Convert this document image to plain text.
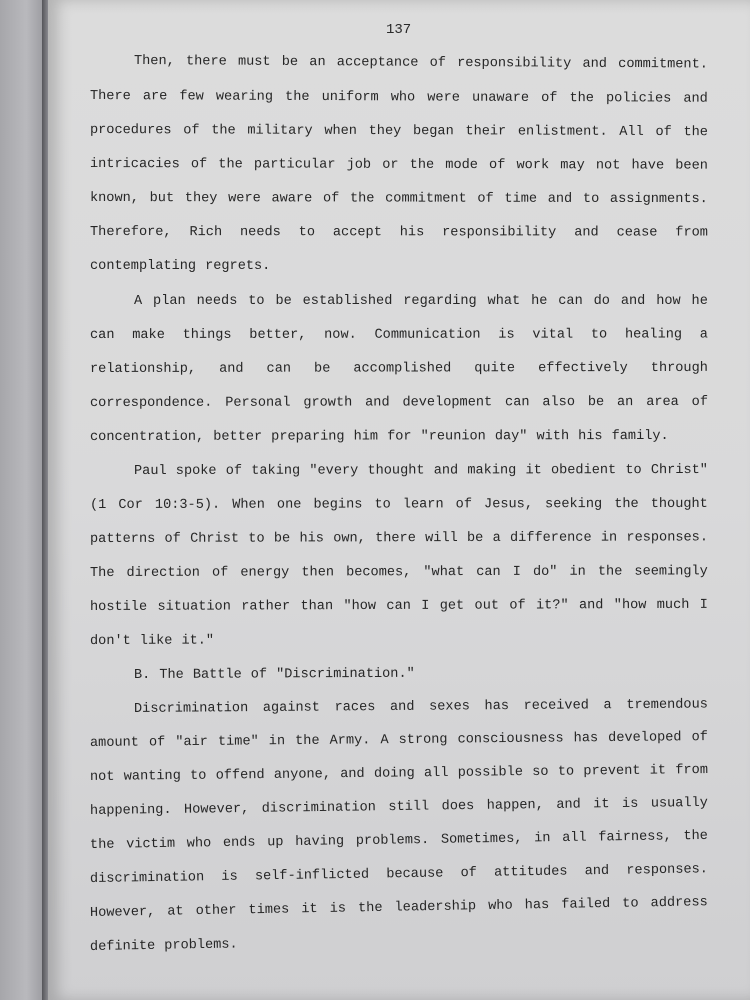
137
Then, there must be an acceptance of responsibility and commitment.
There are few wearing the uniform who were unaware of the policies and
procedures of the military when they began their enlistment. All of the
intricacies of the particular job or the mode of work may not have been
known, but they were aware of the commitment of time and to assignments.
Therefore, Rich needs to accept his responsibility and cease from
contemplating regrets.
A plan needs to be established regarding what he can do and how he
can make things better, now. Communication is vital to healing a
relationship, and can be accomplished quite effectively through
correspondence. Personal growth and development can also be an area of
concentration, better preparing him for "reunion day" with his family.
Paul spoke of taking "every thought and making it obedient to Christ"
(1 Cor 10:3-5). When one begins to learn of Jesus, seeking the thought
patterns of Christ to be his own, there will be a difference in responses.
The direction of energy then becomes, "what can I do" in the seemingly
hostile situation rather than "how can I get out of it?" and "how much I
don't like it."
B. The Battle of "Discrimination."
Discrimination against races and sexes has received a tremendous
amount of "air time" in the Army. A strong consciousness has developed of
not wanting to offend anyone, and doing all possible so to prevent it from
happening. However, discrimination still does happen, and it is usually
the victim who ends up having problems. Sometimes, in all fairness, the
discrimination is self-inflicted because of attitudes and responses.
However, at other times it is the leadership who has failed to address
definite problems.
